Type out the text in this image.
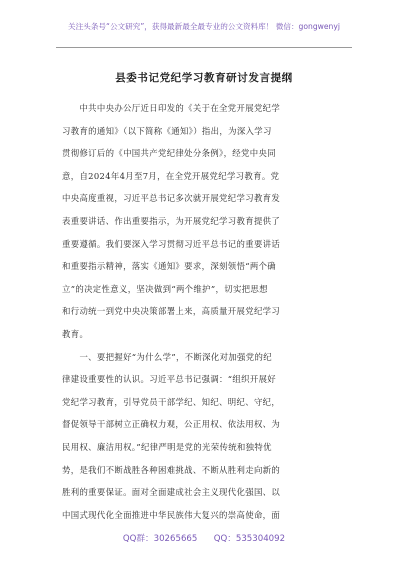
关注头条号“公文研究”，获得最新最全最专业的公文资料库！ 微信：gongwenyj
县委书记党纪学习教育研讨发言提纲
　　中共中央办公厅近日印发的《关于在全党开展党纪学
习教育的通知》（以下简称《通知》）指出，为深入学习
贯彻修订后的《中国共产党纪律处分条例》，经党中央同
意，自2024年4月至7月，在全党开展党纪学习教育。党
中央高度重视，习近平总书记多次就开展党纪学习教育发
表重要讲话、作出重要指示，为开展党纪学习教育提供了
重要遵循。我们要深入学习贯彻习近平总书记的重要讲话
和重要指示精神，落实《通知》要求，深刻领悟“两个确
立”的决定性意义，坚决做到“两个维护”，切实把思想
和行动统一到党中央决策部署上来，高质量开展党纪学习
教育。
　　一、要把握好“为什么学”，不断深化对加强党的纪
律建设重要性的认识。习近平总书记强调：“组织开展好
党纪学习教育，引导党员干部学纪、知纪、明纪、守纪，
督促领导干部树立正确权力观，公正用权、依法用权、为
民用权、廉洁用权。”纪律严明是党的光荣传统和独特优
势，是我们不断战胜各种困难挑战、不断从胜利走向新的
胜利的重要保证。面对全面建成社会主义现代化强国、以
中国式现代化全面推进中华民族伟大复兴的崇高使命，面
QQ群：30265665      QQ：535304092
